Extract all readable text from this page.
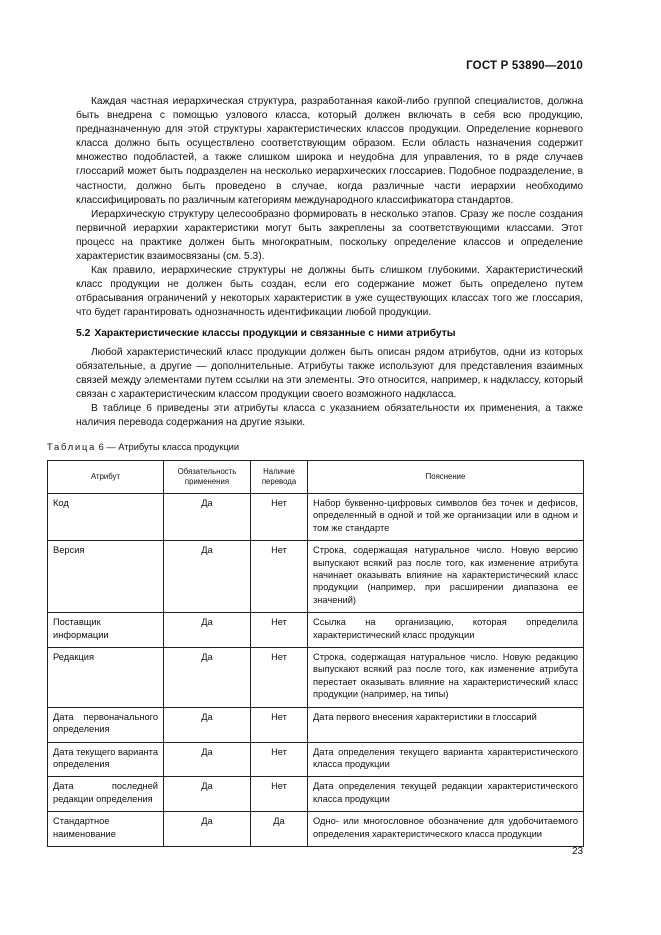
ГОСТ Р 53890—2010

Каждая частная иерархическая структура, разработанная какой-либо группой специалистов, должна быть внедрена с помощью узлового класса, который должен включать в себя всю продукцию, предназначенную для этой структуры характеристических классов продукции. Определение корневого класса должно быть осуществлено соответствующим образом. Если область назначения содержит множество подобластей, а также слишком широка и неудобна для управления, то в ряде случаев глоссарий может быть подразделен на несколько иерархических глоссариев. Подобное подразделение, в частности, должно быть проведено в случае, когда различные части иерархии необходимо классифицировать по различным категориям международного классификатора стандартов.

Иерархическую структуру целесообразно формировать в несколько этапов. Сразу же после создания первичной иерархии характеристики могут быть закреплены за соответствующими классами. Этот процесс на практике должен быть многократным, поскольку определение классов и определение характеристик взаимосвязаны (см. 5.3).

Как правило, иерархические структуры не должны быть слишком глубокими. Характеристический класс продукции не должен быть создан, если его содержание может быть определено путем отбрасывания ограничений у некоторых характеристик в уже существующих классах того же глоссария, что будет гарантировать однозначность идентификации любой продукции.

5.2 Характеристические классы продукции и связанные с ними атрибуты

Любой характеристический класс продукции должен быть описан рядом атрибутов, одни из которых обязательные, а другие — дополнительные. Атрибуты также используют для представления взаимных связей между элементами путем ссылки на эти элементы. Это относится, например, к надклассу, который связан с характеристическим классом продукции своего возможного надкласса.

В таблице 6 приведены эти атрибуты класса с указанием обязательности их применения, а также наличия перевода содержания на другие языки.

Таблица 6 — Атрибуты класса продукции
Атрибут	Обязательность применения	Наличие перевода	Пояснение
Код	Да	Нет	Набор буквенно-цифровых символов без точек и дефисов, определенный в одной и той же организации или в одном и том же стандарте
Версия	Да	Нет	Строка, содержащая натуральное число. Новую версию выпускают всякий раз после того, как изменение атрибута начинает оказывать влияние на характеристический класс продукции (например, при расширении диапазона ее значений)
Поставщик информации	Да	Нет	Ссылка на организацию, которая определила характеристический класс продукции
Редакция	Да	Нет	Строка, содержащая натуральное число. Новую редакцию выпускают всякий раз после того, как изменение атрибута перестает оказывать влияние на характеристический класс продукции (например, на типы)
Дата первоначального определения	Да	Нет	Дата первого внесения характеристики в глоссарий
Дата текущего варианта определения	Да	Нет	Дата определения текущего варианта характеристического класса продукции
Дата последней редакции определения	Да	Нет	Дата определения текущей редакции характеристического класса продукции
Стандартное наименование	Да	Да	Одно- или многословное обозначение для удобочитаемого определения характеристического класса продукции
23
